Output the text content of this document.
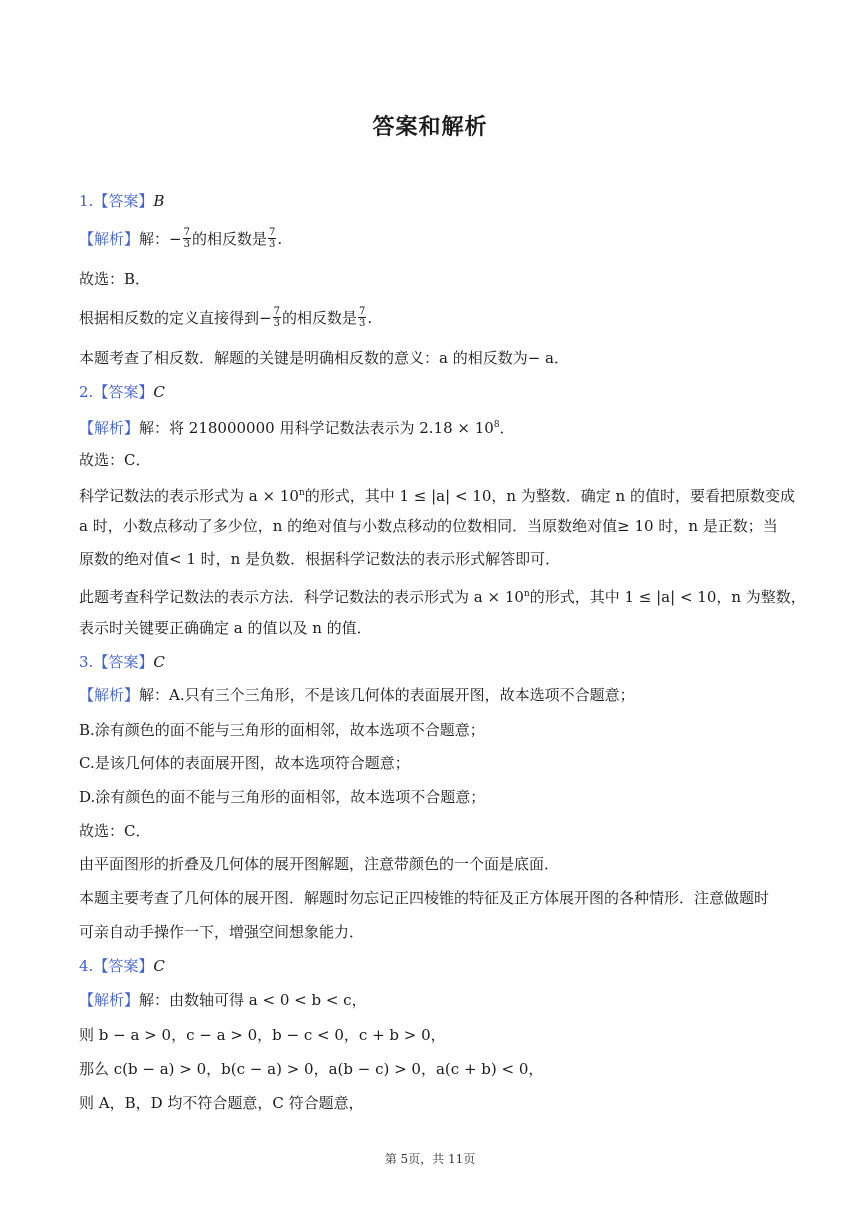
答案和解析
1.【答案】B
【解析】解：− $\frac{7}{3}$ 的相反数是 $\frac{7}{3}$ .
故选：B．
根据相反数的定义直接得到− $\frac{7}{3}$ 的相反数是 $\frac{7}{3}$ .
本题考查了相反数．解题的关键是明确相反数的意义：a 的相反数为− a．
2.【答案】C
【解析】解：将 218000000 用科学记数法表示为 $2.18 \times 10^8$．
故选：C．
科学记数法的表示形式为 $a \times 10^n$的形式，其中 1 ≤ |a| < 10，n 为整数．确定 n 的值时，要看把原数变成
a 时，小数点移动了多少位，n 的绝对值与小数点移动的位数相同．当原数绝对值≥ 10 时，n 是正数；当
原数的绝对值< 1 时，n 是负数．根据科学记数法的表示形式解答即可．
此题考查科学记数法的表示方法．科学记数法的表示形式为 $a \times 10^n$的形式，其中 1 ≤ |a| < 10，n 为整数，
表示时关键要正确确定 a 的值以及 n 的值．
3.【答案】C
【解析】解：A.只有三个三角形，不是该几何体的表面展开图，故本选项不合题意；
B.涂有颜色的面不能与三角形的面相邻，故本选项不合题意；
C.是该几何体的表面展开图，故本选项符合题意；
D.涂有颜色的面不能与三角形的面相邻，故本选项不合题意；
故选：C．
由平面图形的折叠及几何体的展开图解题，注意带颜色的一个面是底面．
本题主要考查了几何体的展开图．解题时勿忘记正四棱锥的特征及正方体展开图的各种情形．注意做题时
可亲自动手操作一下，增强空间想象能力．
4.【答案】C
【解析】解：由数轴可得 a < 0 < b < c，
则 b − a > 0，c − a > 0，b − c < 0，c + b > 0，
那么 c(b − a) > 0，b(c − a) > 0，a(b − c) > 0，a(c + b) < 0，
则 A，B，D 均不符合题意，C 符合题意，
第 5页，共 11页
